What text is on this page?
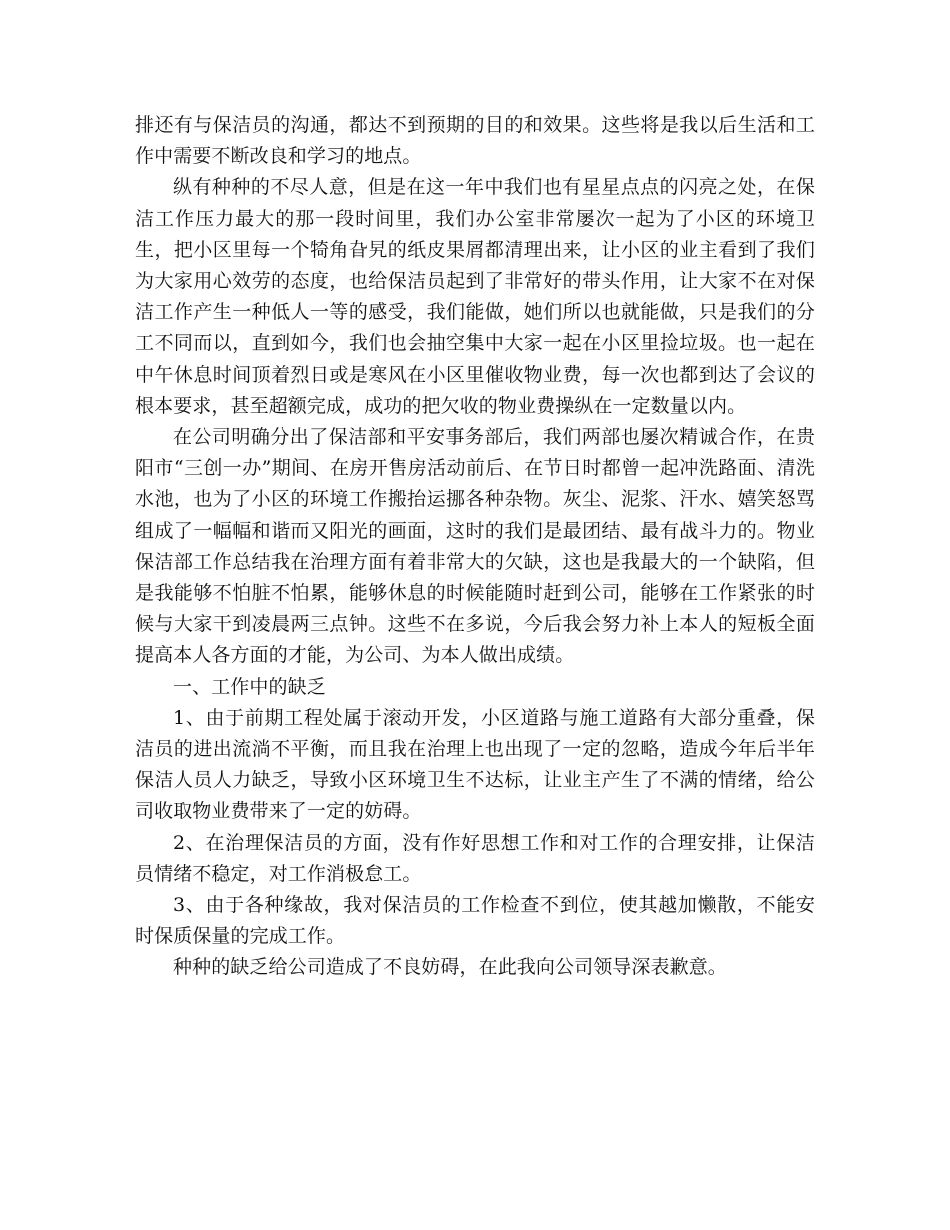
排还有与保洁员的沟通，都达不到预期的目的和效果。这些将是我以后生活和工作中需要不断改良和学习的地点。

纵有种种的不尽人意，但是在这一年中我们也有星星点点的闪亮之处，在保洁工作压力最大的那一段时间里，我们办公室非常屡次一起为了小区的环境卫生，把小区里每一个犄角旮旯的纸皮果屑都清理出来，让小区的业主看到了我们为大家用心效劳的态度，也给保洁员起到了非常好的带头作用，让大家不在对保洁工作产生一种低人一等的感受，我们能做，她们所以也就能做，只是我们的分工不同而以，直到如今，我们也会抽空集中大家一起在小区里捡垃圾。也一起在中午休息时间顶着烈日或是寒风在小区里催收物业费，每一次也都到达了会议的根本要求，甚至超额完成，成功的把欠收的物业费操纵在一定数量以内。

在公司明确分出了保洁部和平安事务部后，我们两部也屡次精诚合作，在贵阳市“三创一办”期间、在房开售房活动前后、在节日时都曾一起冲洗路面、清洗水池，也为了小区的环境工作搬抬运挪各种杂物。灰尘、泥浆、汗水、嬉笑怒骂组成了一幅幅和谐而又阳光的画面，这时的我们是最团结、最有战斗力的。物业保洁部工作总结我在治理方面有着非常大的欠缺，这也是我最大的一个缺陷，但是我能够不怕脏不怕累，能够休息的时候能随时赶到公司，能够在工作紧张的时候与大家干到凌晨两三点钟。这些不在多说，今后我会努力补上本人的短板全面提高本人各方面的才能，为公司、为本人做出成绩。

一、工作中的缺乏

1、由于前期工程处属于滚动开发，小区道路与施工道路有大部分重叠，保洁员的进出流淌不平衡，而且我在治理上也出现了一定的忽略，造成今年后半年保洁人员人力缺乏，导致小区环境卫生不达标，让业主产生了不满的情绪，给公司收取物业费带来了一定的妨碍。

2、在治理保洁员的方面，没有作好思想工作和对工作的合理安排，让保洁员情绪不稳定，对工作消极怠工。

3、由于各种缘故，我对保洁员的工作检查不到位，使其越加懒散，不能安时保质保量的完成工作。

种种的缺乏给公司造成了不良妨碍，在此我向公司领导深表歉意。
